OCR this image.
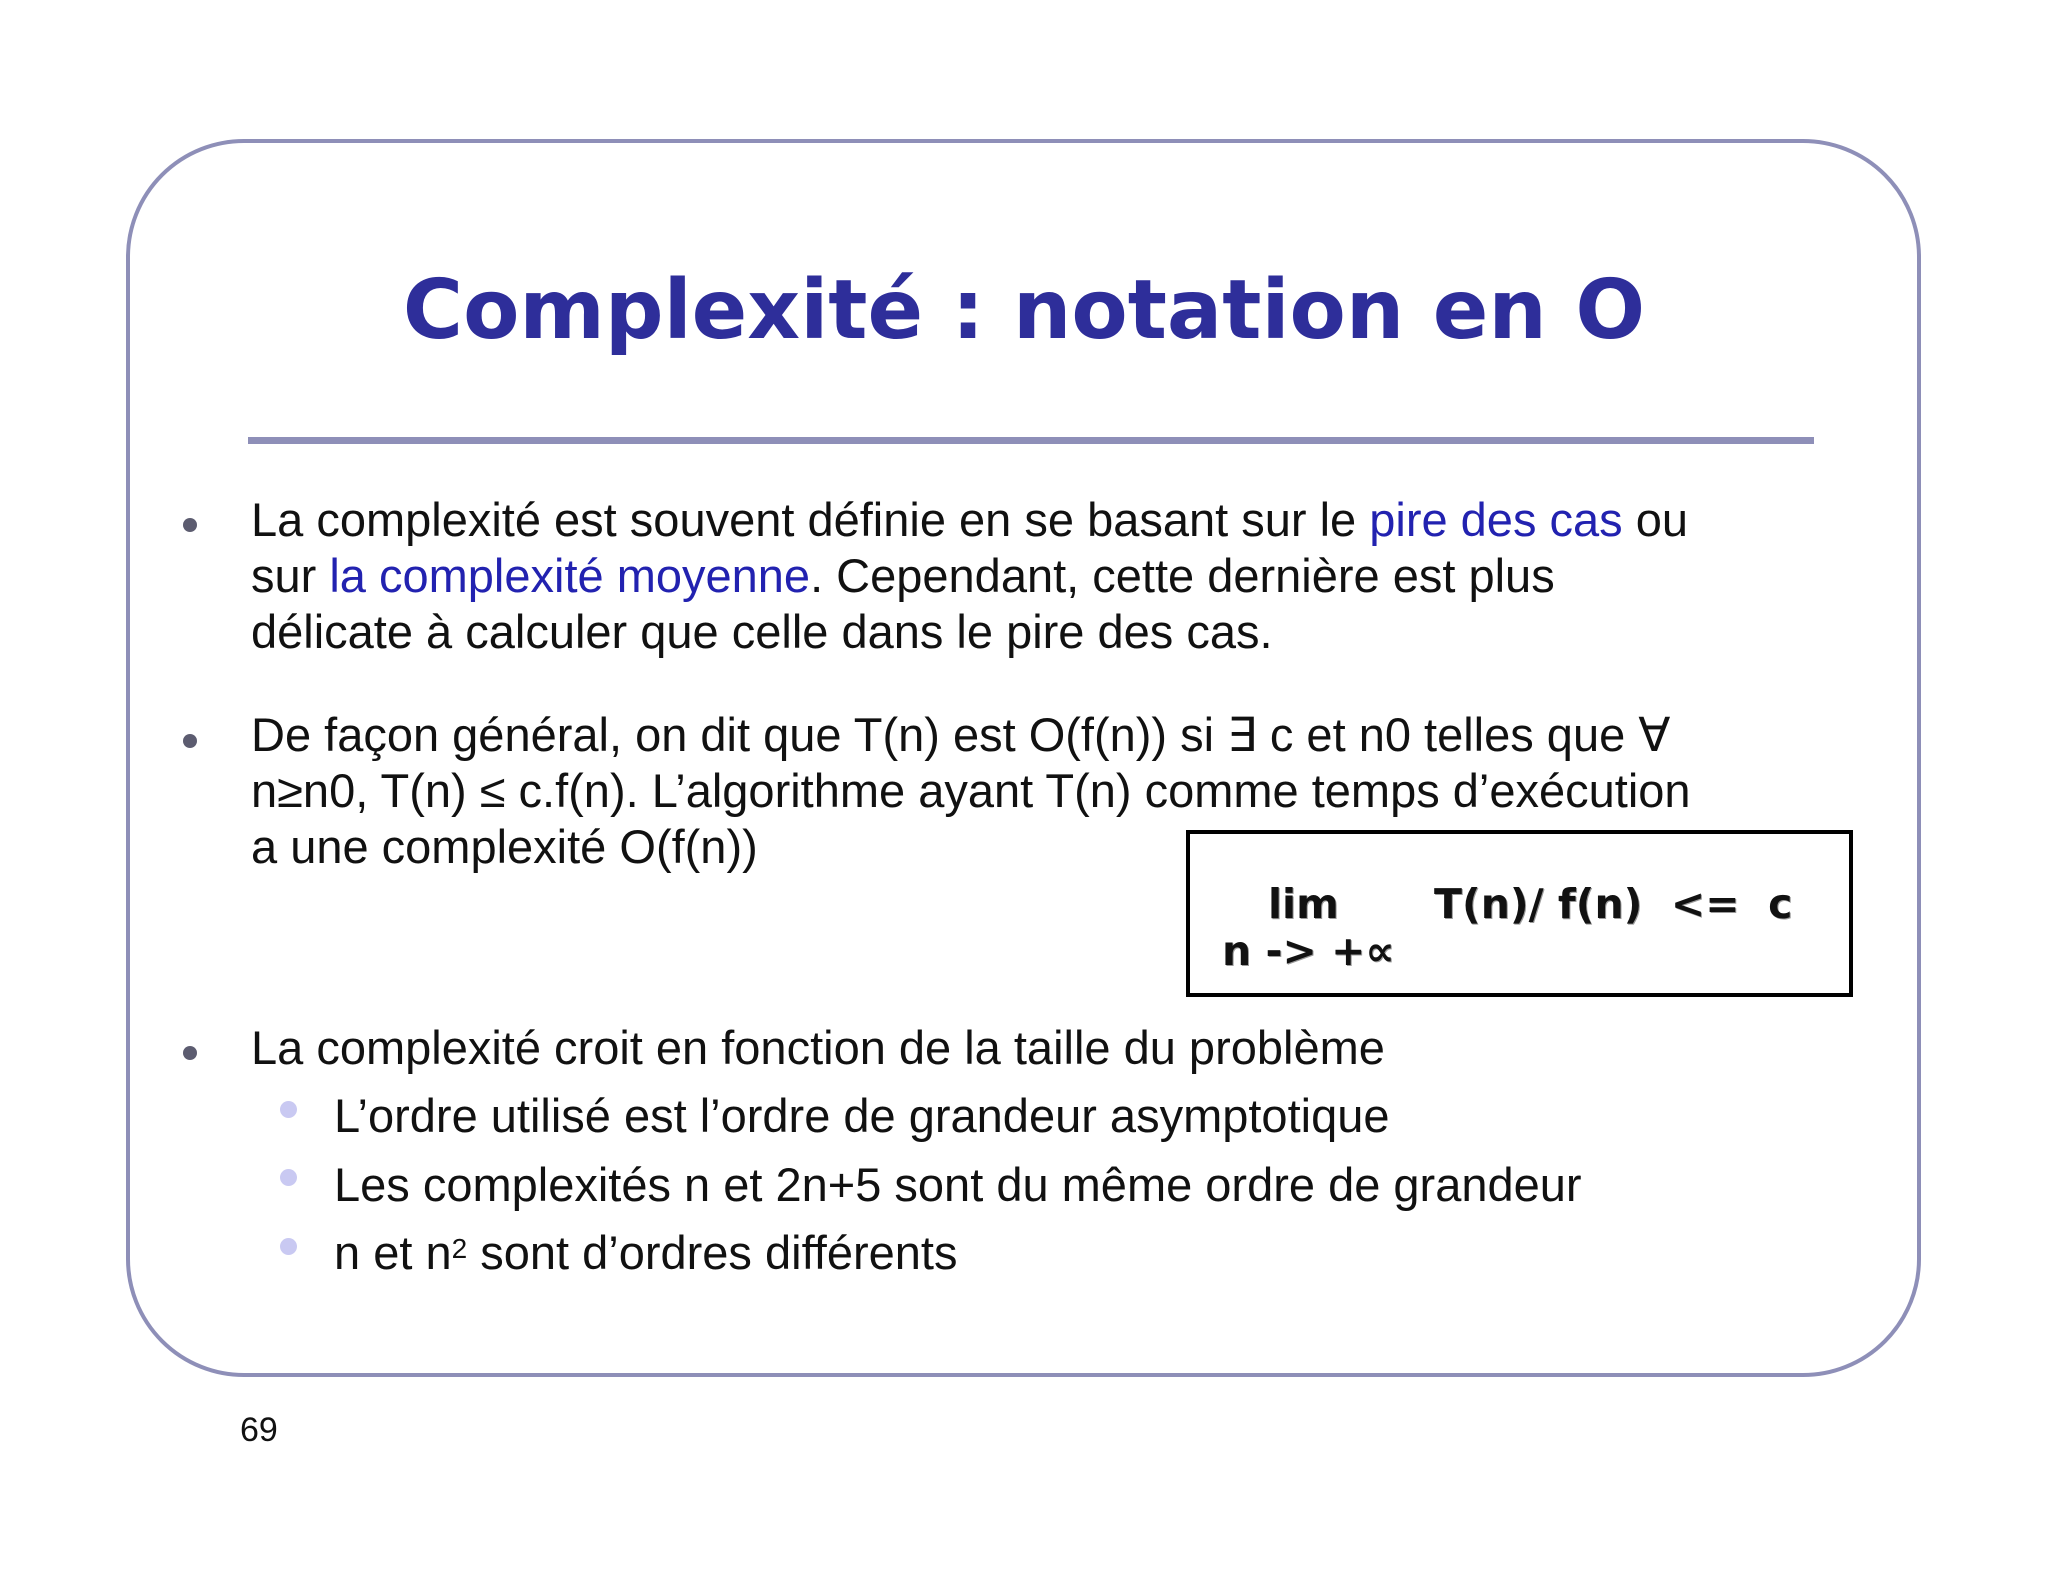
Complexité : notation en O
La complexité est souvent définie en se basant sur le pire des cas ou
sur la complexité moyenne. Cependant, cette dernière est plus
délicate à calculer que celle dans le pire des cas.
De façon général, on dit que T(n) est O(f(n)) si ∃ c et n0 telles que ∀
n≥n0, T(n) ≤ c.f(n). L’algorithme ayant T(n) comme temps d’exécution
a une complexité O(f(n))
lim T(n)/ f(n)  <=  c
n -> +∝
La complexité croit en fonction de la taille du problème
L’ordre utilisé est l’ordre de grandeur asymptotique
Les complexités n et 2n+5 sont du même ordre de grandeur
n et $n^2$ sont d’ordres différents
69
